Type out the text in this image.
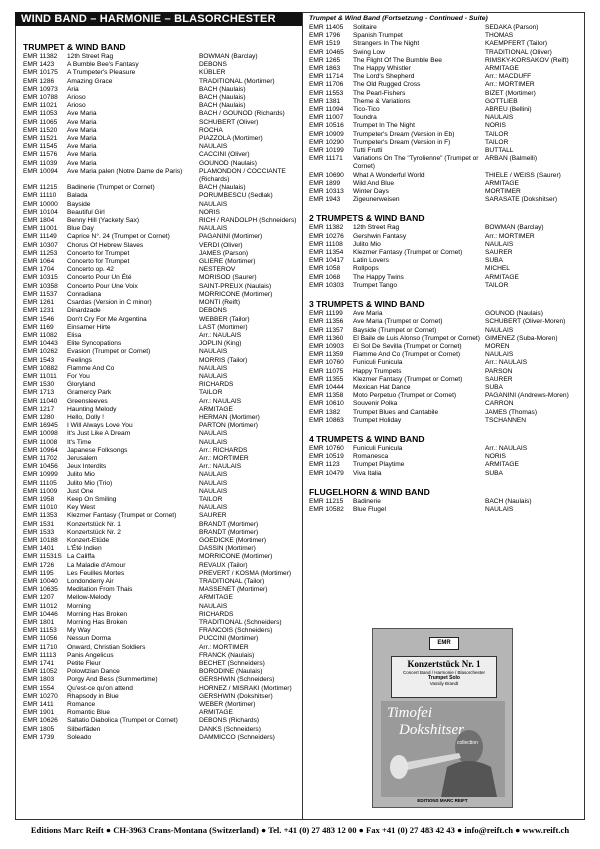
WIND BAND – HARMONIE – BLASORCHESTER
TRUMPET & WIND BAND
EMR 11382	12th Street Rag	BOWMAN (Barclay)
EMR 1423	A Bumble Bee's Fantasy	DEBONS
EMR 10175	A Trumpeter's Pleasure	KÜBLER
EMR 1286	Amazing Grace	TRADITIONAL (Mortimer)
EMR 10973	Aria	BACH (Naulais)
EMR 10788	Arioso	BACH (Naulais)
EMR 11021	Arioso	BACH (Naulais)
EMR 11053	Ave Maria	BACH / GOUNOD (Richards)
EMR 11065	Ave Maria	SCHUBERT (Oliver)
EMR 11520	Ave Maria	ROCHA
EMR 11521	Ave Maria	PIAZZOLA (Mortimer)
EMR 11545	Ave Maria	NAULAIS
EMR 11576	Ave Maria	CACCINI (Oliver)
EMR 11039	Ave Maria	GOUNOD (Naulais)
EMR 10094	Ave Maria palen (Notre Dame de Paris)	PLAMONDON / COCCIANTE (Richards)
EMR 11215	Badinerie (Trumpet or Cornet)	BACH (Naulais)
EMR 11110	Balada	PORUMBESCU (Sedlak)
EMR 10000	Bayside	NAULAIS
EMR 10104	Beautiful Girl	NORIS
EMR 1804	Benny Hill (Yackety Sax)	RICH / RANDOLPH (Schneiders)
EMR 11001	Blue Day	NAULAIS
EMR 11149	Caprice N°. 24 (Trumpet or Cornet)	PAGANINI (Mortimer)
EMR 10307	Chorus Of Hebrew Slaves	VERDI (Oliver)
EMR 11253	Concerto for Trumpet	JAMES (Parson)
EMR 1064	Concerto for Trumpet	GLIERE (Mortimer)
EMR 1704	Concerto op. 42	NESTEROV
EMR 10315	Concerto Pour Un Été	MORISOD (Saurer)
EMR 10358	Concerto Pour Une Voix	SAINT-PREUX (Naulais)
EMR 11537	Conradiana	MORRICONE (Mortimer)
EMR 1261	Csardas (Version in C minor)	MONTI (Reift)
EMR 1231	Dinardzade	DEBONS
EMR 1546	Don't Cry For Me Argentina	WEBBER (Tailor)
EMR 1169	Einsamer Hirte	LAST (Mortimer)
EMR 11082	Elisa	Arr.: NAULAIS
EMR 10443	Elite Syncopations	JOPLIN (King)
EMR 10262	Evasion (Trumpet or Cornet)	NAULAIS
EMR 1543	Feelings	MORRIS (Tailor)
EMR 10882	Flamme And Co	NAULAIS
EMR 11011	For You	NAULAIS
EMR 1530	Gloryland	RICHARDS
EMR 1713	Gramercy Park	TAILOR
EMR 11040	Greensleeves	Arr.: NAULAIS
EMR 1217	Haunting Melody	ARMITAGE
EMR 1280	Hello, Dolly !	HERMAN (Mortimer)
EMR 16945	I Will Always Love You	PARTON (Mortimer)
EMR 10098	It's Just Like A Dream	NAULAIS
EMR 11008	It's Time	NAULAIS
EMR 10964	Japanese Folksongs	Arr.: RICHARDS
EMR 11702	Jerusalem	Arr.: MORTIMER
EMR 10456	Jeux Interdits	Arr.: NAULAIS
EMR 10999	Julito Mio	NAULAIS
EMR 11105	Julito Mio (Trio)	NAULAIS
EMR 11009	Just One	NAULAIS
EMR 1958	Keep On Smiling	TAILOR
EMR 11010	Key West	NAULAIS
EMR 11353	Klezmer Fantasy (Trumpet or Cornet)	SAURER
EMR 1531	Konzertstück Nr. 1	BRANDT (Mortimer)
EMR 1533	Konzertstück Nr. 2	BRANDT (Mortimer)
EMR 10188	Konzert-Etüde	GOEDICKE (Mortimer)
EMR 1401	L'Été Indien	DASSIN (Mortimer)
EMR 11531S La Califfa	MORRICONE (Mortimer)
EMR 1726	La Maladie d'Amour	REVAUX (Tailor)
EMR 1195	Les Feuilles Mortes	PREVERT / KOSMA (Mortimer)
EMR 10040	Londonderry Air	TRADITIONAL (Tailor)
EMR 10635	Meditation From Thais	MASSENET (Mortimer)
EMR 1207	Mellow-Melody	ARMITAGE
EMR 11012	Morning	NAULAIS
EMR 10446	Morning Has Broken	RICHARDS
EMR 1801	Morning Has Broken	TRADITIONAL (Schneiders)
EMR 11153	My Way	FRANCOIS (Schneiders)
EMR 11056	Nessun Dorma	PUCCINI (Mortimer)
EMR 11710	Onward, Christian Soldiers	Arr.: MORTIMER
EMR 11113	Panis Angelicus	FRANCK (Naulais)
EMR 1741	Petite Fleur	BECHET (Schneiders)
EMR 11052	Polowtzian Dance	BORODINE (Naulais)
EMR 1803	Porgy And Bess (Summertime)	GERSHWIN (Schneiders)
EMR 1554	Qu'est-ce qu'on attend	HORNEZ / MISRAKI (Mortimer)
EMR 10270	Rhapsody in Blue	GERSHWIN (Dokshitser)
EMR 1411	Romance	WEBER (Mortimer)
EMR 1901	Romantic Blue	ARMITAGE
EMR 10626	Saltatio Diabolica (Trumpet or Cornet)	DEBONS (Richards)
EMR 1805	Silberfäden	DANKS (Schneiders)
EMR 1739	Soleado	DAMMICCO (Schneiders)
Trumpet & Wind Band (Fortsetzung - Continued - Suite)
EMR 11405	Solitaire	SEDAKA (Parson)
EMR 1796	Spanish Trumpet	THOMAS
EMR 1519	Strangers In The Night	KAEMPFERT (Tailor)
EMR 10465	Swing Low	TRADITIONAL (Oliver)
EMR 1265	The Flight Of The Bumble Bee	RIMSKY-KORSAKOV (Reift)
EMR 1863	The Happy Whistler	ARMITAGE
EMR 11714	The Lord's Shepherd	Arr.: MACDUFF
EMR 11706	The Old Rugged Cross	Arr.: MORTIMER
EMR 11553	The Pearl-Fishers	BIZET (Mortimer)
EMR 1381	Theme & Variations	GOTTLIEB
EMR 11094	Tico-Tico	ABREU (Bellini)
EMR 11007	Toundra	NAULAIS
EMR 10516	Trumpet In The Night	NORIS
EMR 10909	Trumpeter's Dream (Version in Eb)	TAILOR
EMR 10290	Trumpeter's Dream (Version in F)	TAILOR
EMR 10199	Tutti Frutti	BUTTALL
EMR 11171	Variations On The "Tyrolienne" (Trumpet or Cornet)
ARBAN (Balmelli)
EMR 10690	What A Wonderful World	THIELE / WEISS (Saurer)
EMR 1899	Wild And Blue	ARMITAGE
EMR 10313	Winter Days	MORTIMER
EMR 1943	Zigeunerweisen	SARASATE (Dokshitser)
2 TRUMPETS & WIND BAND
EMR 11382	12th Street Rag	BOWMAN (Barclay)
EMR 10276	Gershwin Fantasy	Arr.: MORTIMER
EMR 11108	Julito Mio	NAULAIS
EMR 11354	Klezmer Fantasy (Trumpet or Cornet)	SAURER
EMR 10417	Latin Lovers	SUBA
EMR 1058	Rollpops	MICHEL
EMR 1068	The Happy Twins	ARMITAGE
EMR 10303	Trumpet Tango	TAILOR
3 TRUMPETS & WIND BAND
EMR 11199	Ave Maria	GOUNOD (Naulais)
EMR 11356	Ave Maria (Trumpet or Cornet)	SCHUBERT (Oliver-Moren)
EMR 11357	Bayside (Trumpet or Cornet)	NAULAIS
EMR 11360	El Baile de Luis Alonso (Trumpet or Cornet) GIMENEZ (Suba-Moren)
EMR 10903	El Sol De Sevilla (Trumpet or Cornet)	MOREN
EMR 11359	Flamme And Co (Trumpet or Cornet)	NAULAIS
EMR 10760	Funiculi Funicula	Arr.: NAULAIS
EMR 11075	Happy Trumpets	PARSON
EMR 11355	Klezmer Fantasy (Trumpet or Cornet)	SAURER
EMR 10444	Mexican Hat Dance	SUBA
EMR 11358	Moto Perpetuo (Trumpet or Cornet)	PAGANINI (Andrews-Moren)
EMR 10610	Souvenir Polka	CARRON
EMR 1382	Trumpet Blues and Cantabile	JAMES (Thomas)
EMR 10863	Trumpet Holiday	TSCHANNEN
4 TRUMPETS & WIND BAND
EMR 10760	Funiculi Funicula	Arr.: NAULAIS
EMR 10519	Romanesca	NORIS
EMR 1123	Trumpet Playtime	ARMITAGE
EMR 10479	Viva Italia	SUBA
FLUGELHORN & WIND BAND
EMR 11215	Badinerie	BACH (Naulais)
EMR 10582	Blue Flugel	NAULAIS
EMR
Konzertstück Nr. 1
Concert Band / Harmonie / Blasorchester
Trumpet Solo
Vassily Brandt
Timofei
Dokshitser
collection
EDITIONS MARC REIFT
Editions Marc Reift ● CH-3963 Crans-Montana (Switzerland) ● Tel. +41 (0) 27 483 12 00 ● Fax +41 (0) 27 483 42 43 ● info@reift.ch ● www.reift.ch
